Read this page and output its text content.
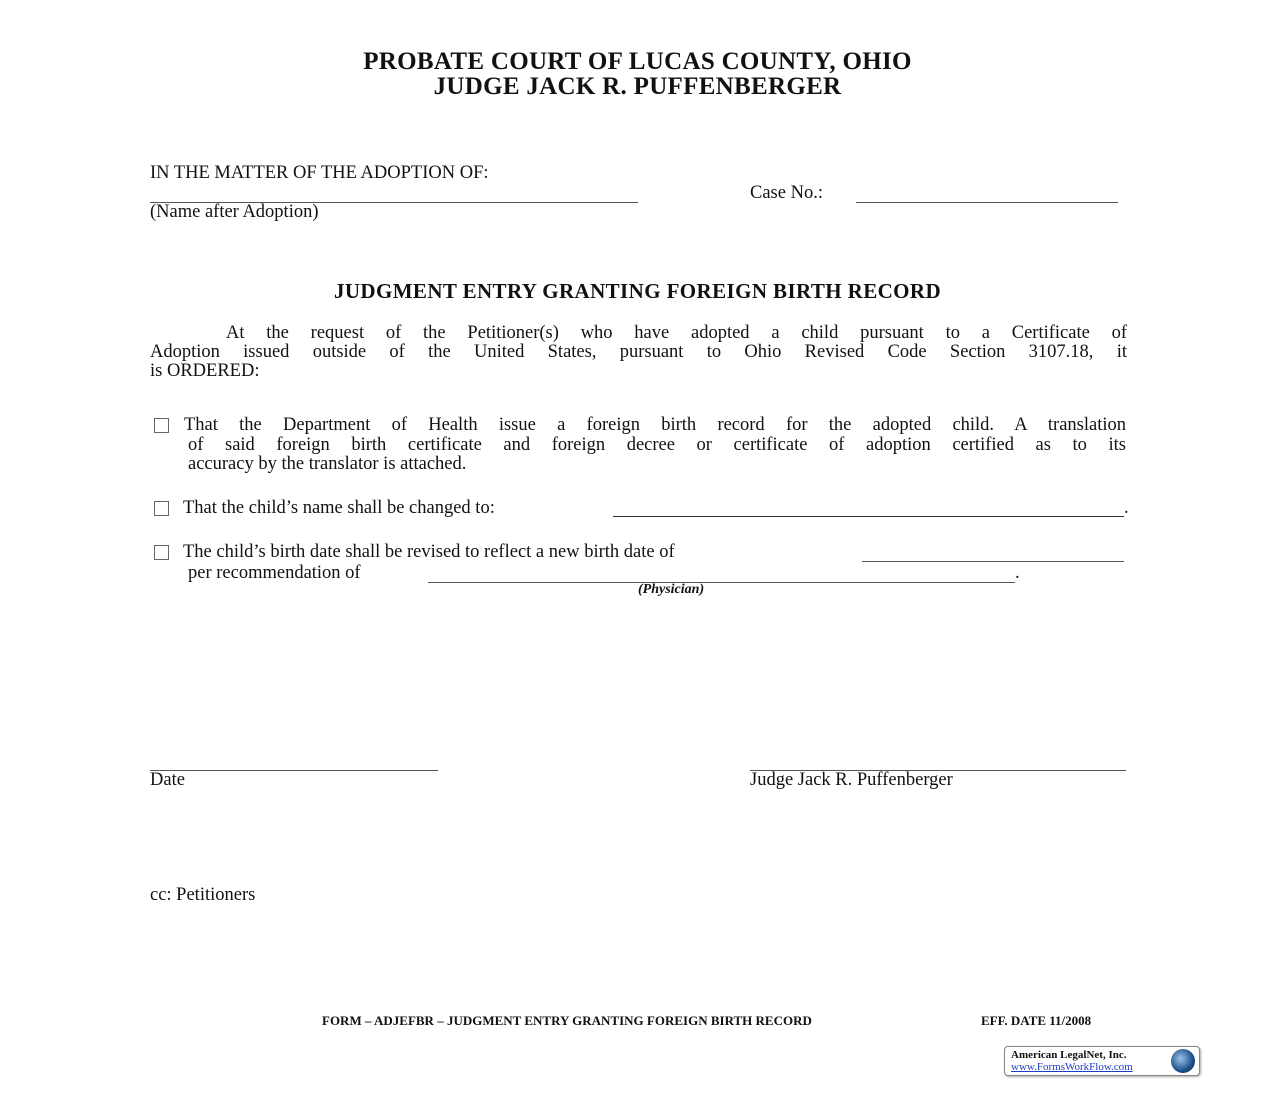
PROBATE COURT OF LUCAS COUNTY, OHIO
JUDGE JACK R. PUFFENBERGER
IN THE MATTER OF THE ADOPTION OF:
(Name after Adoption)
Case No.:
JUDGMENT ENTRY GRANTING FOREIGN BIRTH RECORD
At the request of the Petitioner(s) who have adopted a child pursuant to a Certificate of
Adoption issued outside of the United States, pursuant to Ohio Revised Code Section 3107.18, it
is ORDERED:
That the Department of Health issue a foreign birth record for the adopted child. A translation
of said foreign birth certificate and foreign decree or certificate of adoption certified as to its
accuracy by the translator is attached.
That the child’s name shall be changed to:	.
The child’s birth date shall be revised to reflect a new birth date of
per recommendation of	.
(Physician)
Date	Judge Jack R. Puffenberger
cc: Petitioners
FORM – ADJEFBR – JUDGMENT ENTRY GRANTING FOREIGN BIRTH RECORD	EFF. DATE 11/2008
American LegalNet, Inc.
www.FormsWorkFlow.com
